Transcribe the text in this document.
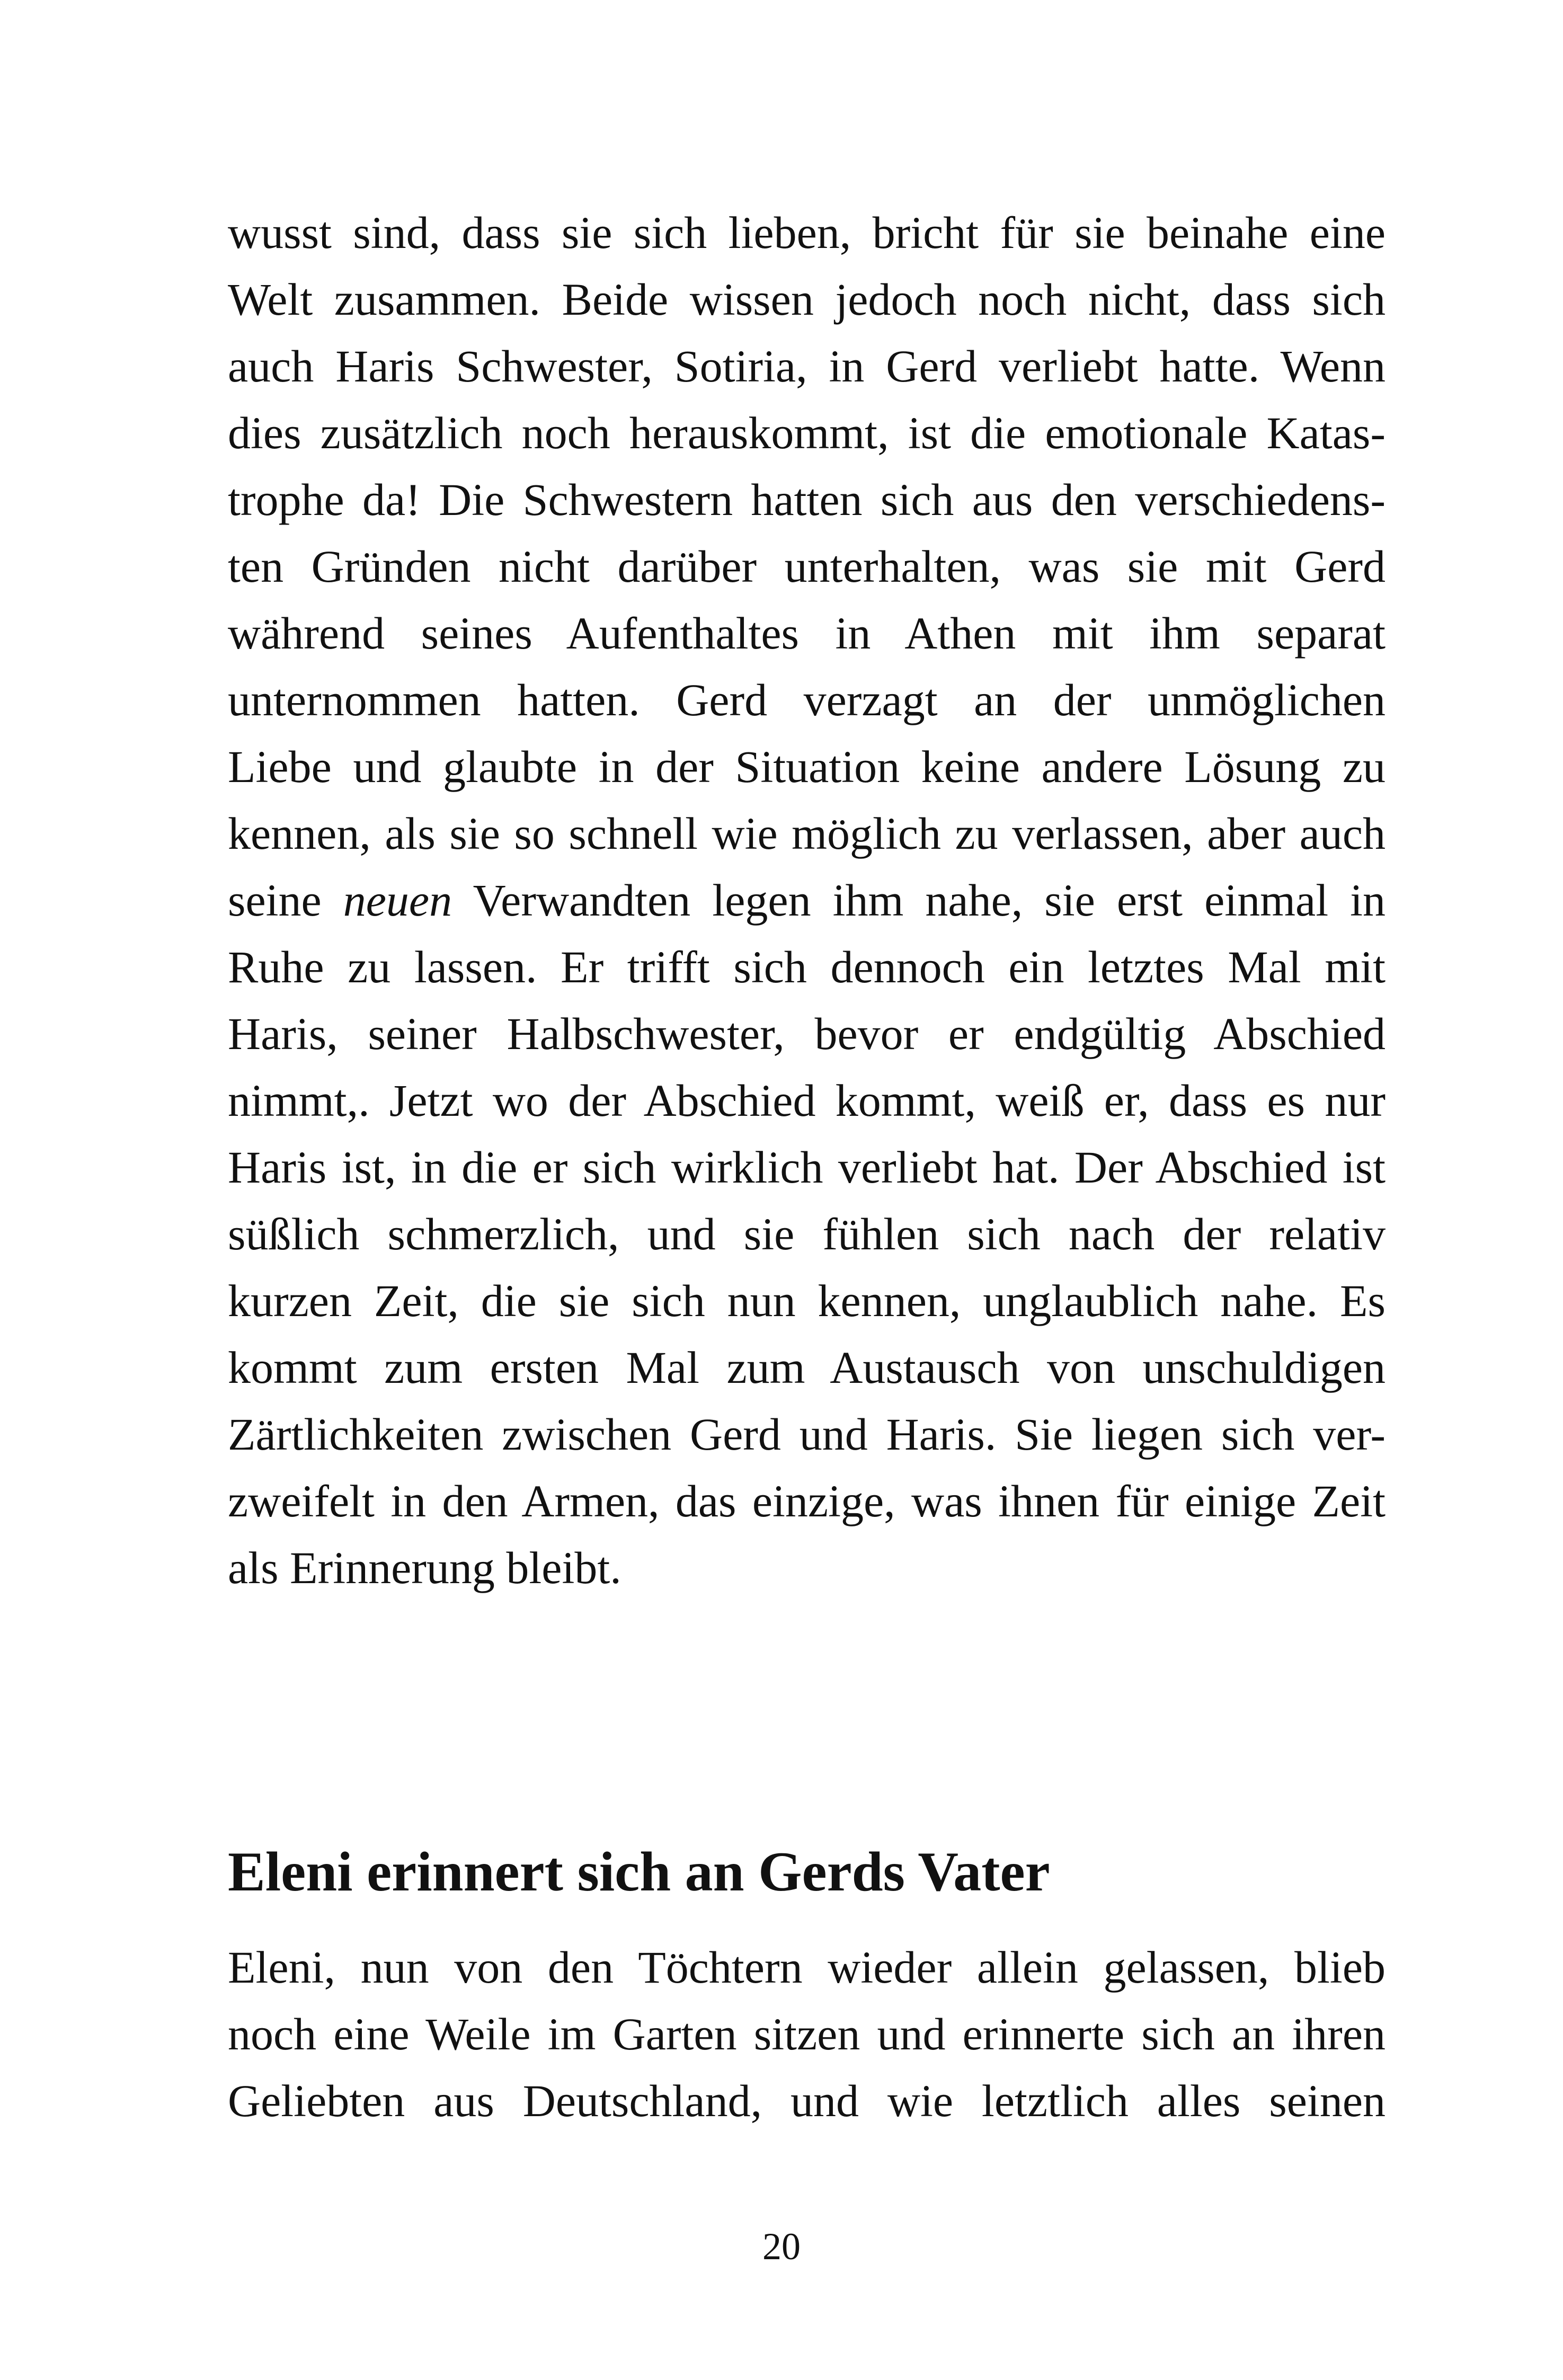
wusst sind, dass sie sich lieben, bricht für sie beinahe eine
Welt zusammen. Beide wissen jedoch noch nicht, dass sich
auch Haris Schwester, Sotiria, in Gerd verliebt hatte. Wenn
dies zusätzlich noch herauskommt, ist die emotionale Katas-
trophe da! Die Schwestern hatten sich aus den verschiedens-
ten Gründen nicht darüber unterhalten, was sie mit Gerd
während seines Aufenthaltes in Athen mit ihm separat
unternommen hatten. Gerd verzagt an der unmöglichen
Liebe und glaubte in der Situation keine andere Lösung zu
kennen, als sie so schnell wie möglich zu verlassen, aber auch
seine neuen Verwandten legen ihm nahe, sie erst einmal in
Ruhe zu lassen. Er trifft sich dennoch ein letztes Mal mit
Haris, seiner Halbschwester, bevor er endgültig Abschied
nimmt,. Jetzt wo der Abschied kommt, weiß er, dass es nur
Haris ist, in die er sich wirklich verliebt hat. Der Abschied ist
süßlich schmerzlich, und sie fühlen sich nach der relativ
kurzen Zeit, die sie sich nun kennen, unglaublich nahe. Es
kommt zum ersten Mal zum Austausch von unschuldigen
Zärtlichkeiten zwischen Gerd und Haris. Sie liegen sich ver-
zweifelt in den Armen, das einzige, was ihnen für einige Zeit
als Erinnerung bleibt.
Eleni erinnert sich an Gerds Vater
Eleni, nun von den Töchtern wieder allein gelassen, blieb
noch eine Weile im Garten sitzen und erinnerte sich an ihren
Geliebten aus Deutschland, und wie letztlich alles seinen
20
